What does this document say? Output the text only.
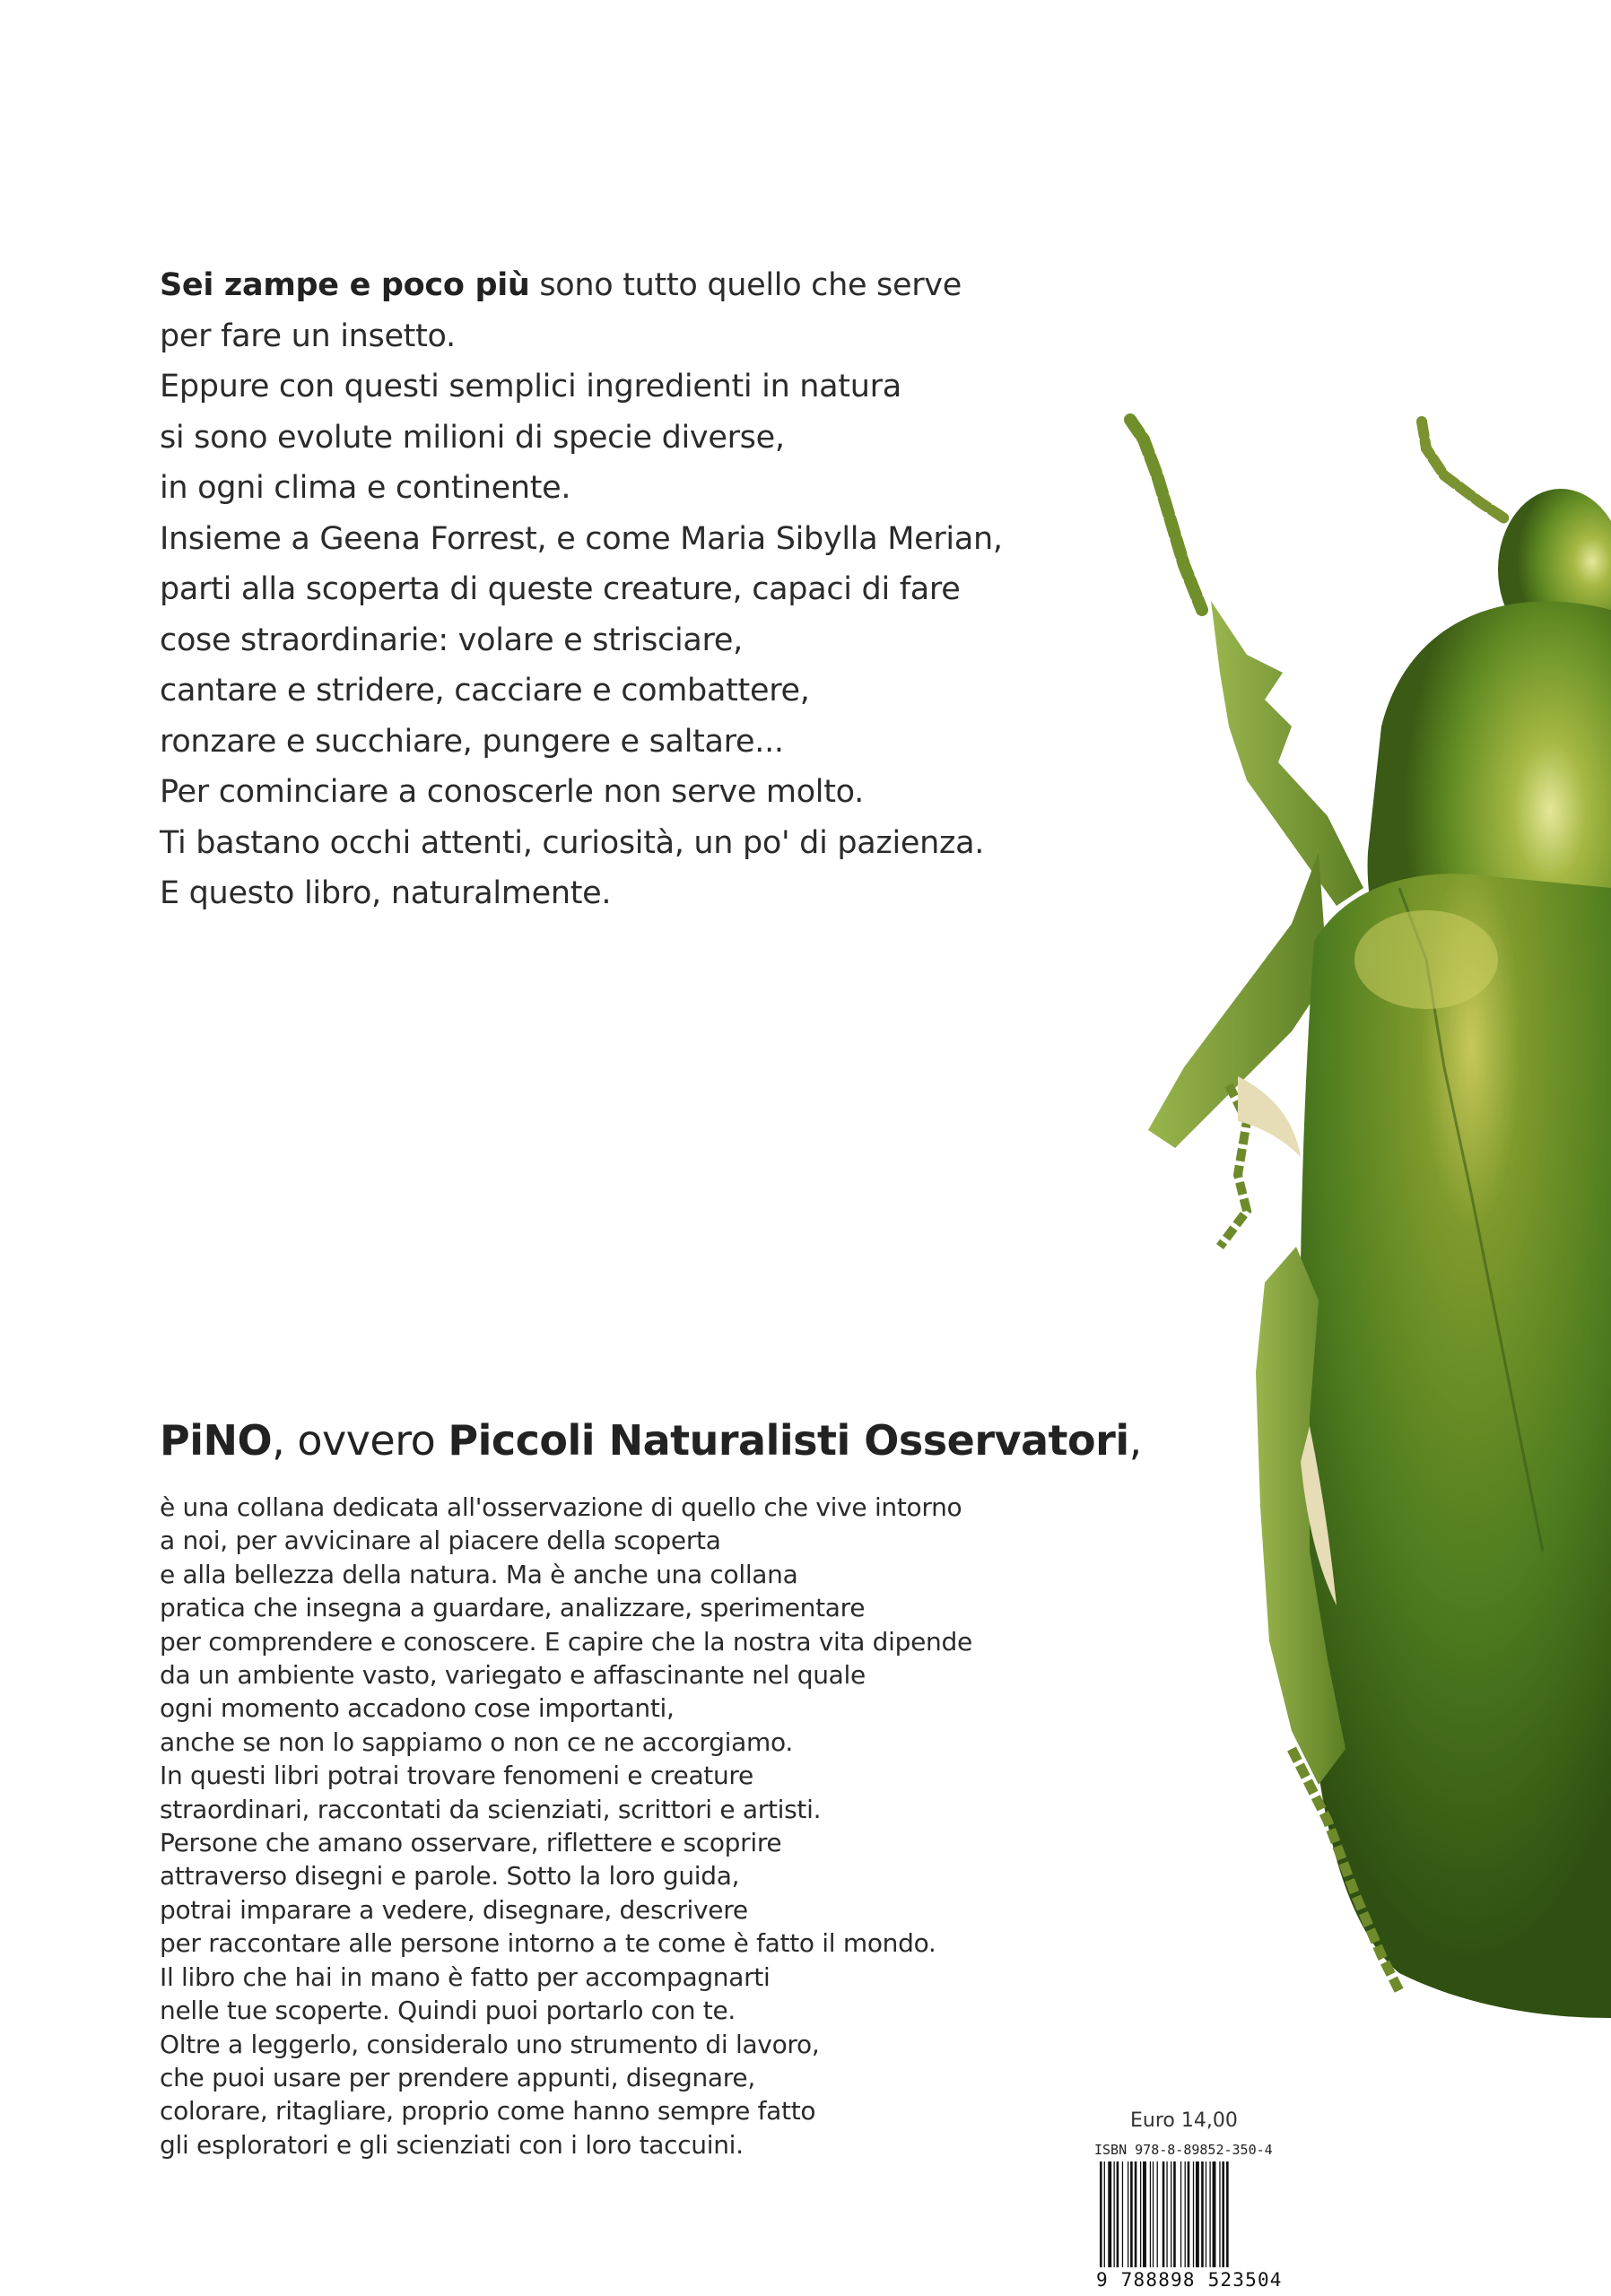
Sei zampe e poco più sono tutto quello che serve
per fare un insetto.
Eppure con questi semplici ingredienti in natura
si sono evolute milioni di specie diverse,
in ogni clima e continente.
Insieme a Geena Forrest, e come Maria Sibylla Merian,
parti alla scoperta di queste creature, capaci di fare
cose straordinarie: volare e strisciare,
cantare e stridere, cacciare e combattere,
ronzare e succhiare, pungere e saltare...
Per cominciare a conoscerle non serve molto.
Ti bastano occhi attenti, curiosità, un po' di pazienza.
E questo libro, naturalmente.
PiNO, ovvero Piccoli Naturalisti Osservatori,
è una collana dedicata all'osservazione di quello che vive intorno
a noi, per avvicinare al piacere della scoperta
e alla bellezza della natura. Ma è anche una collana
pratica che insegna a guardare, analizzare, sperimentare
per comprendere e conoscere. E capire che la nostra vita dipende
da un ambiente vasto, variegato e affascinante nel quale
ogni momento accadono cose importanti,
anche se non lo sappiamo o non ce ne accorgiamo.
In questi libri potrai trovare fenomeni e creature
straordinari, raccontati da scienziati, scrittori e artisti.
Persone che amano osservare, riflettere e scoprire
attraverso disegni e parole. Sotto la loro guida,
potrai imparare a vedere, disegnare, descrivere
per raccontare alle persone intorno a te come è fatto il mondo.
Il libro che hai in mano è fatto per accompagnarti
nelle tue scoperte. Quindi puoi portarlo con te.
Oltre a leggerlo, consideralo uno strumento di lavoro,
che puoi usare per prendere appunti, disegnare,
colorare, ritagliare, proprio come hanno sempre fatto
gli esploratori e gli scienziati con i loro taccuini.
Euro 14,00
ISBN 978-8-89852-350-4
9 788898 523504
